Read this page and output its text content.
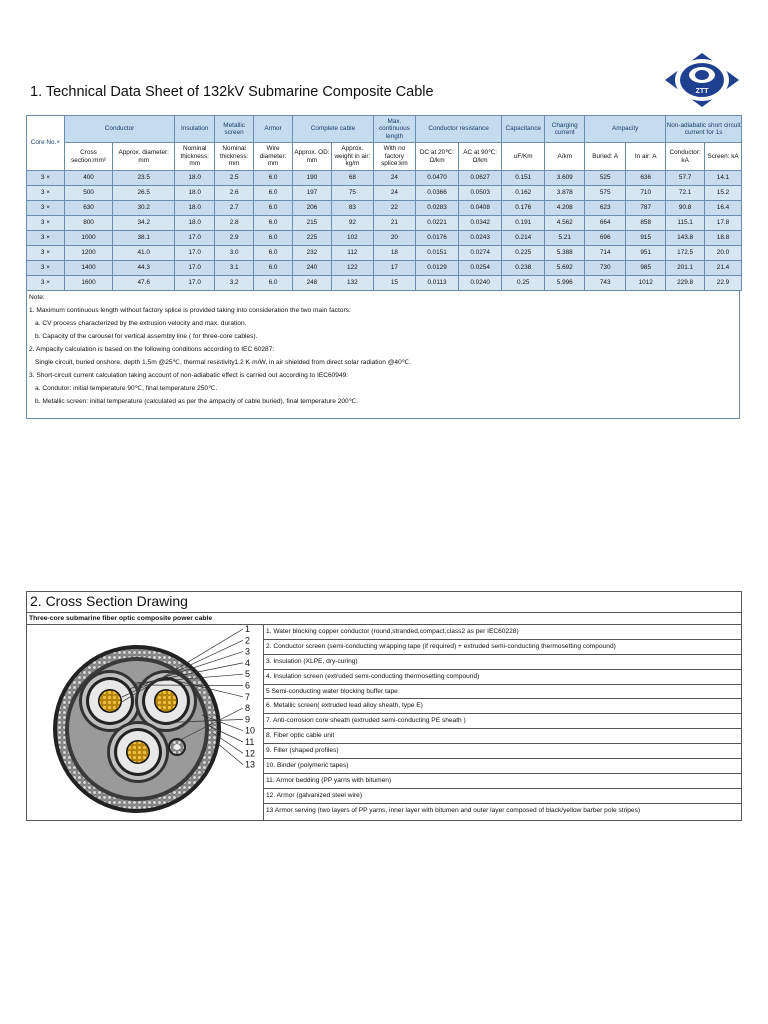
1. Technical Data Sheet of 132kV Submarine Composite Cable	ZTT
Core No.×	Conductor		Insulation	Metallic screen	Armor	Complete cable		Max. continuous length	Conductor resistance		Capacitance	Charging current	Ampacity		Non-adiabatic short circuit current for 1s	
	Cross section:mm²	Approx. diameter: mm	Nominal thickness: mm	Nominal thickness: mm	Wire diameter: mm	Approx. OD: mm	Approx. weight in air: kg/m	With no factory splice:km	DC at 20℃: Ω/km	AC at 90℃: Ω/km	uF/Km	A/km	Buried: A	In air: A	Conductor: kA	Screen: kA
3 ×	400	23.5	18.0	2.5	6.0	190	68	24	0.0470	0.0627	0.151	3.609	525	636	57.7	14.1
3 ×	500	26.5	18.0	2.6	6.0	197	75	24	0.0366	0.0503	0.162	3.878	575	710	72.1	15.2
3 ×	630	30.2	18.0	2.7	6.0	206	83	22	0.0283	0.0408	0.176	4.208	623	787	90.8	16.4
3 ×	800	34.2	18.0	2.8	6.0	215	92	21	0.0221	0.0342	0.191	4.562	664	858	115.1	17.8
3 ×	1000	38.1	17.0	2.9	6.0	225	102	20	0.0176	0.0243	0.214	5.21	696	915	143.8	18.8
3 ×	1200	41.0	17.0	3.0	6.0	232	112	18	0.0151	0.0274	0.225	5.388	714	951	172.5	20.0
3 ×	1400	44.3	17.0	3.1	6.0	240	122	17	0.0129	0.0254	0.238	5.692	730	985	201.1	21.4
3 ×	1600	47.6	17.0	3.2	6.0	248	132	15	0.0113	0.0240	0.25	5.996	743	1012	229.8	22.9
Note:
1. Maximum continuous length without factory splice is provided taking into consideration the two main factors:
a. CV process characterized by the extrusion velocity and max. duration.
b. Capacity of the carousel for vertical assembly line ( for three-core cables).
2. Ampacity calculation is based on the following conditions according to IEC 60287:
Single circuit, buried onshore, depth 1.5m @25℃, thermal resistivity1.2 K·m/W, in air shielded from direct solar radiation @40℃.
3. Short-circuit current calculation taking account of non-adiabatic effect is carried out according to IEC60949:
a. Condutor: initial temperature 90℃, final temperature 250℃.
b. Metallic screen: initial temperature (calculated as per the ampacity of cable buried), final temperature 200℃.
2. Cross Section Drawing
Three-core submarine fiber optic composite power cable
1
2
3
4
5
6
7
8
9
10
11
12
13
1. Water blocking copper conductor (round,stranded,compact,class2 as per IEC60228)
2. Conductor screen (semi-conducting wrapping tape (if required) + extruded semi-conducting thermosetting compound)
3. Insulation (XLPE, dry-curing)
4. Insulation screen (extruded semi-conducting thermosetting compound)
5 Semi-conducting water blocking buffer tape
6. Metallic screen( extruded lead alloy sheath, type E)
7. Anti-corrosion core sheath (extruded semi-conducting PE sheath )
8. Fiber optic cable unit
9. Filler (shaped profiles)
10. Binder (polymeric tapes)
11. Armor bedding (PP yarns with bitumen)
12. Armor (galvanized steel wire)
13 Armor serving (two layers of PP yarns, inner layer with bitumen and outer layer composed of black/yellow barber pole stripes)
